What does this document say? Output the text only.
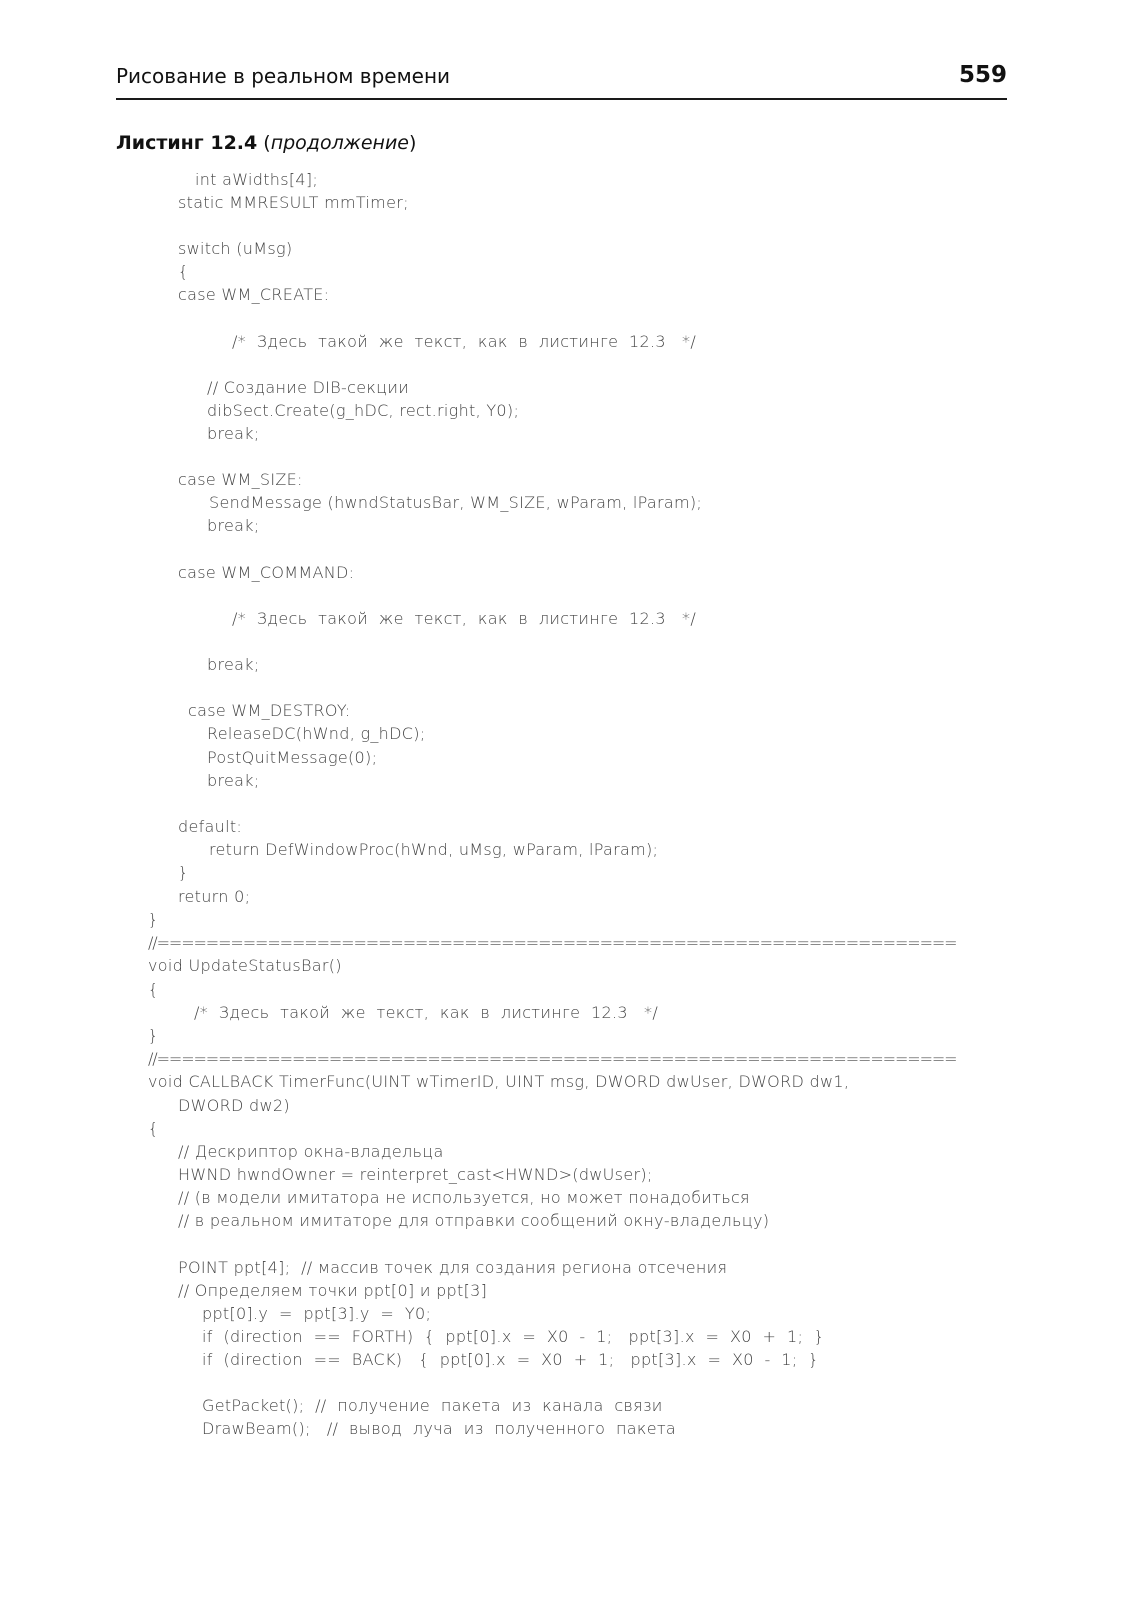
Рисование в реальном времени	559
Листинг 12.4 (продолжение)
int aWidths[4];
static MMRESULT mmTimer;
switch (uMsg)
{
case WM_CREATE:
/*  Здесь  такой  же  текст,  как  в  листинге  12.3   */
// Создание DIB-секции
dibSect.Create(g_hDC, rect.right, Y0);
break;
case WM_SIZE:
SendMessage (hwndStatusBar, WM_SIZE, wParam, lParam);
break;
case WM_COMMAND:
/*  Здесь  такой  же  текст,  как  в  листинге  12.3   */
break;
case WM_DESTROY:
ReleaseDC(hWnd, g_hDC);
PostQuitMessage(0);
break;
default:
return DefWindowProc(hWnd, uMsg, wParam, lParam);
}
return 0;
}
//=================================================================
void UpdateStatusBar()
{
/*  Здесь  такой  же  текст,  как  в  листинге  12.3   */
}
//=================================================================
void CALLBACK TimerFunc(UINT wTimerID, UINT msg, DWORD dwUser, DWORD dw1,
DWORD dw2)
{
// Дескриптор окна-владельца
HWND hwndOwner = reinterpret_cast<HWND>(dwUser);
// (в модели имитатора не используется, но может понадобиться
// в реальном имитаторе для отправки сообщений окну-владельцу)
POINT ppt[4];  // массив точек для создания региона отсечения
// Определяем точки ppt[0] и ppt[3]
ppt[0].y  =  ppt[3].y  =  Y0;
if  (direction  ==  FORTH)  {  ppt[0].x  =  X0  -  1;   ppt[3].x  =  X0  +  1;  }
if  (direction  ==  BACK)   {  ppt[0].x  =  X0  +  1;   ppt[3].x  =  X0  -  1;  }
GetPacket();  //  получение  пакета  из  канала  связи
DrawBeam();   //  вывод  луча  из  полученного  пакета
